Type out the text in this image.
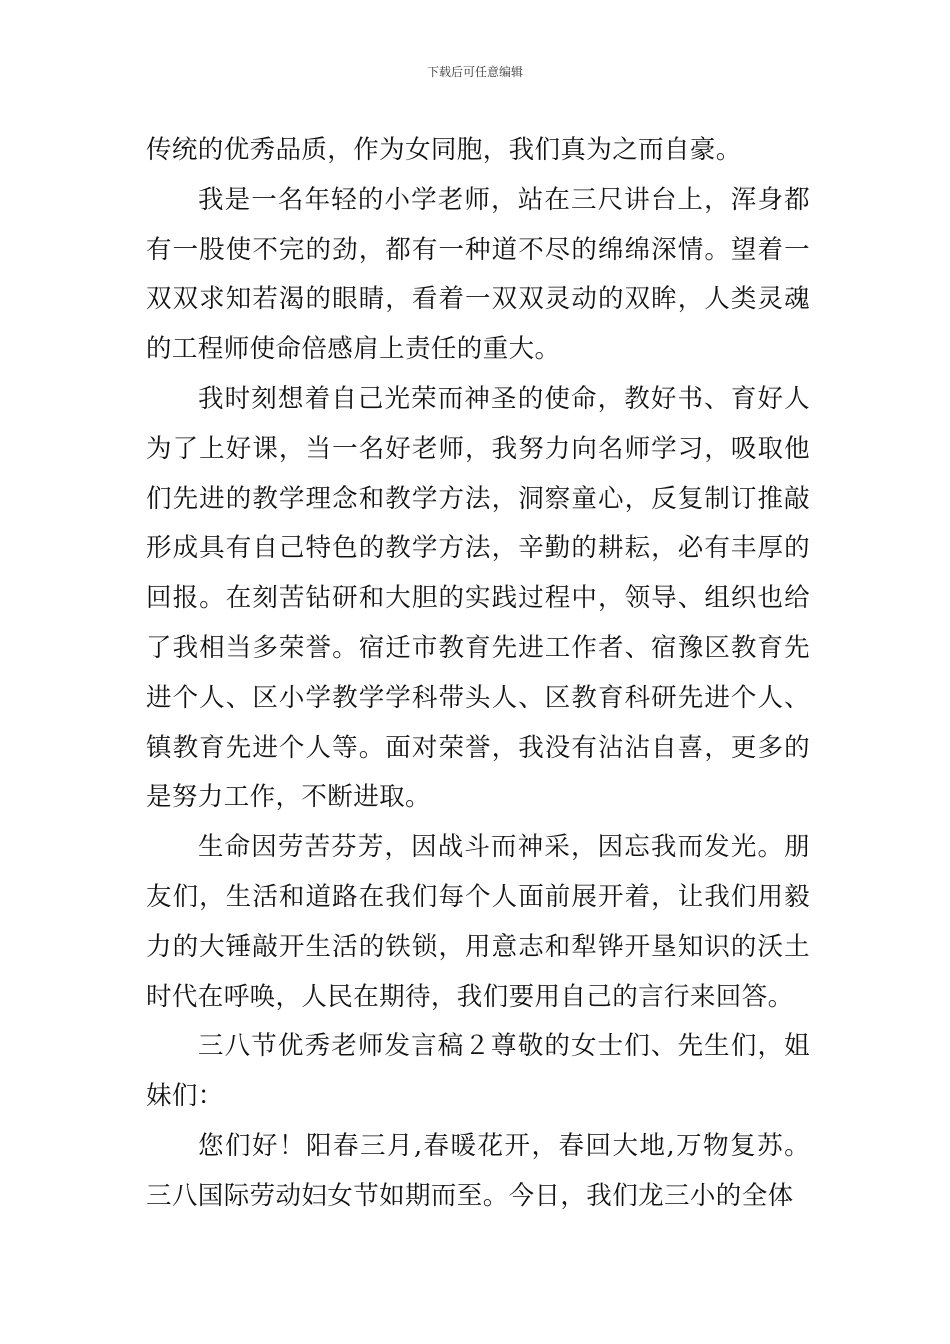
下载后可任意编辑

传统的优秀品质，作为女同胞，我们真为之而自豪。

我是一名年轻的小学老师，站在三尺讲台上，浑身都有一股使不完的劲，都有一种道不尽的绵绵深情。望着一双双求知若渴的眼睛，看着一双双灵动的双眸，人类灵魂的工程师使命倍感肩上责任的重大。

我时刻想着自己光荣而神圣的使命，教好书、育好人为了上好课，当一名好老师，我努力向名师学习，吸取他们先进的教学理念和教学方法，洞察童心，反复制订推敲形成具有自己特色的教学方法，辛勤的耕耘，必有丰厚的回报。在刻苦钻研和大胆的实践过程中，领导、组织也给了我相当多荣誉。宿迁市教育先进工作者、宿豫区教育先进个人、区小学教学学科带头人、区教育科研先进个人、镇教育先进个人等。面对荣誉，我没有沾沾自喜，更多的是努力工作，不断进取。

生命因劳苦芬芳，因战斗而神采，因忘我而发光。朋友们，生活和道路在我们每个人面前展开着，让我们用毅力的大锤敲开生活的铁锁，用意志和犁铧开垦知识的沃土时代在呼唤，人民在期待，我们要用自己的言行来回答。

三八节优秀老师发言稿２尊敬的女士们、先生们，姐妹们：

您们好！阳春三月,春暖花开，春回大地,万物复苏。三八国际劳动妇女节如期而至。今日，我们龙三小的全体
